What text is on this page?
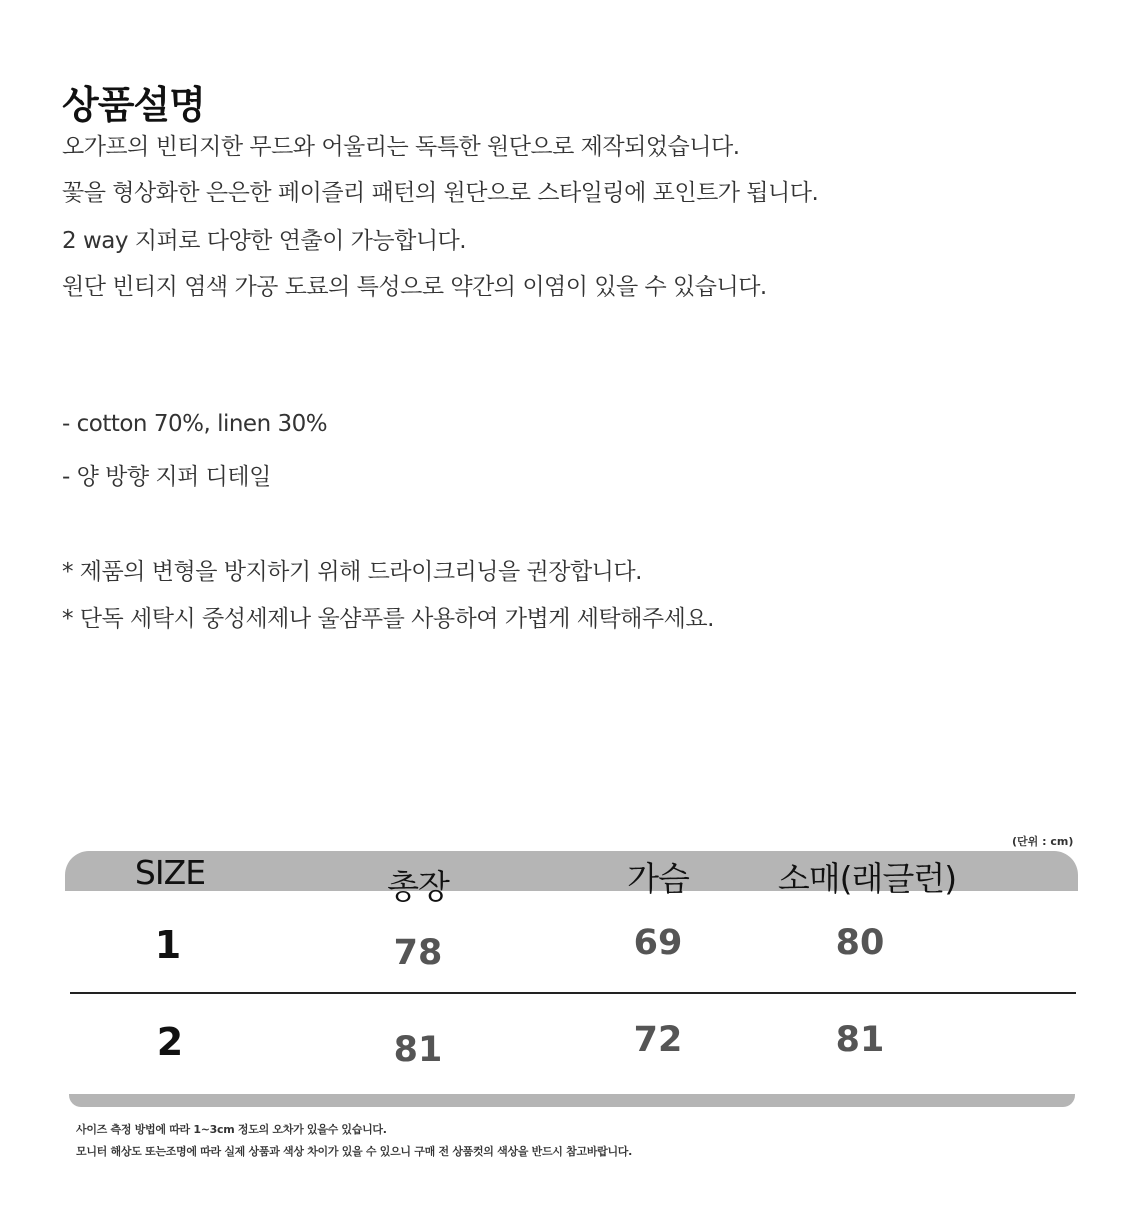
상품설명
오가프의 빈티지한 무드와 어울리는 독특한 원단으로 제작되었습니다.
꽃을 형상화한 은은한 페이즐리 패턴의 원단으로 스타일링에 포인트가 됩니다.
2 way 지퍼로 다양한 연출이 가능합니다.
원단 빈티지 염색 가공 도료의 특성으로 약간의 이염이 있을 수 있습니다.
- cotton 70%, linen 30%
- 양 방향 지퍼 디테일
* 제품의 변형을 방지하기 위해 드라이크리닝을 권장합니다.
* 단독 세탁시 중성세제나 울샴푸를 사용하여 가볍게 세탁해주세요.
(단위 : cm)
SIZE	총장	가슴	소매(래글런)
1	78	69	80
2	81	72	81
사이즈 측정 방법에 따라 1~3cm 정도의 오차가 있을수 있습니다.
모니터 해상도 또는조명에 따라 실제 상품과 색상 차이가 있을 수 있으니 구매 전 상품컷의 색상을 반드시 참고바랍니다.
